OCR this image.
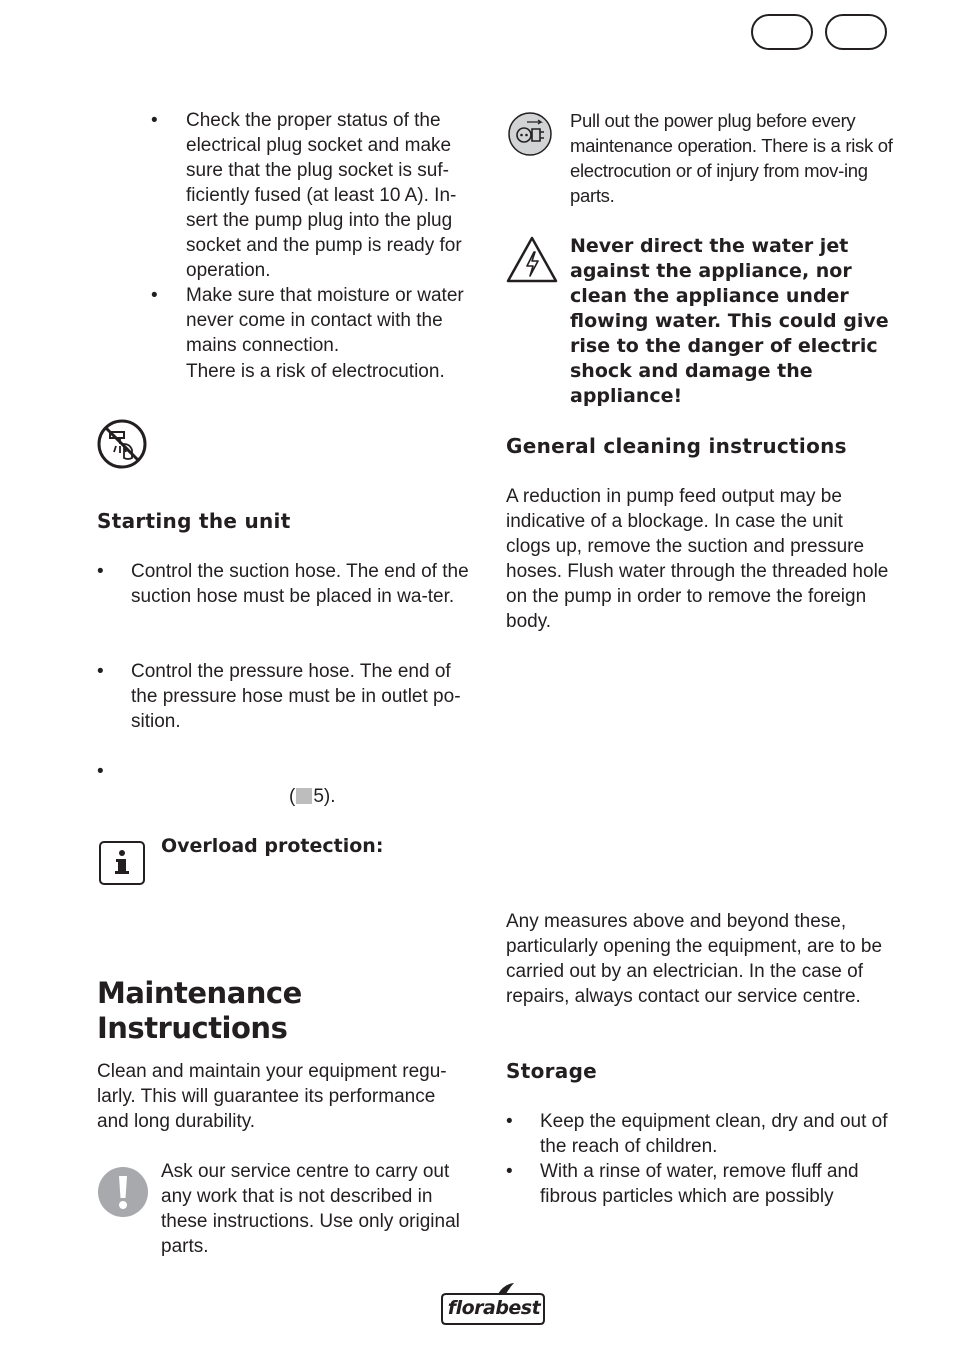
• Check the proper status of the electrical plug socket and make sure that the plug socket is suf-ficiently fused (at least 10 A). In-sert the pump plug into the plug socket and the pump is ready for operation.
• Make sure that moisture or water never come in contact with the mains connection.

There is a risk of electrocution.

Starting the unit
• Control the suction hose. The end of the suction hose must be placed in wa-ter.
• Control the pressure hose. The end of the pressure hose must be in outlet po-sition.
•
( 5).
Overload protection:
Maintenance
Instructions

Clean and maintain your equipment regu-larly. This will guarantee its performance and long durability.

Ask our service centre to carry out any work that is not described in these instructions. Use only original parts.

Pull out the power plug before every maintenance operation. There is a risk of electrocution or of injury from mov-ing parts.

Never direct the water jet against the appliance, nor clean the appliance under flowing water. This could give rise to the danger of electric shock and damage the appliance!

General cleaning instructions

A reduction in pump feed output may be indicative of a blockage. In case the unit clogs up, remove the suction and pressure hoses. Flush water through the threaded hole on the pump in order to remove the foreign body.

Any measures above and beyond these, particularly opening the equipment, are to be carried out by an electrician. In the case of repairs, always contact our service centre.

Storage
• Keep the equipment clean, dry and out of the reach of children.
• With a rinse of water, remove fluff and fibrous particles which are possibly
florabest
